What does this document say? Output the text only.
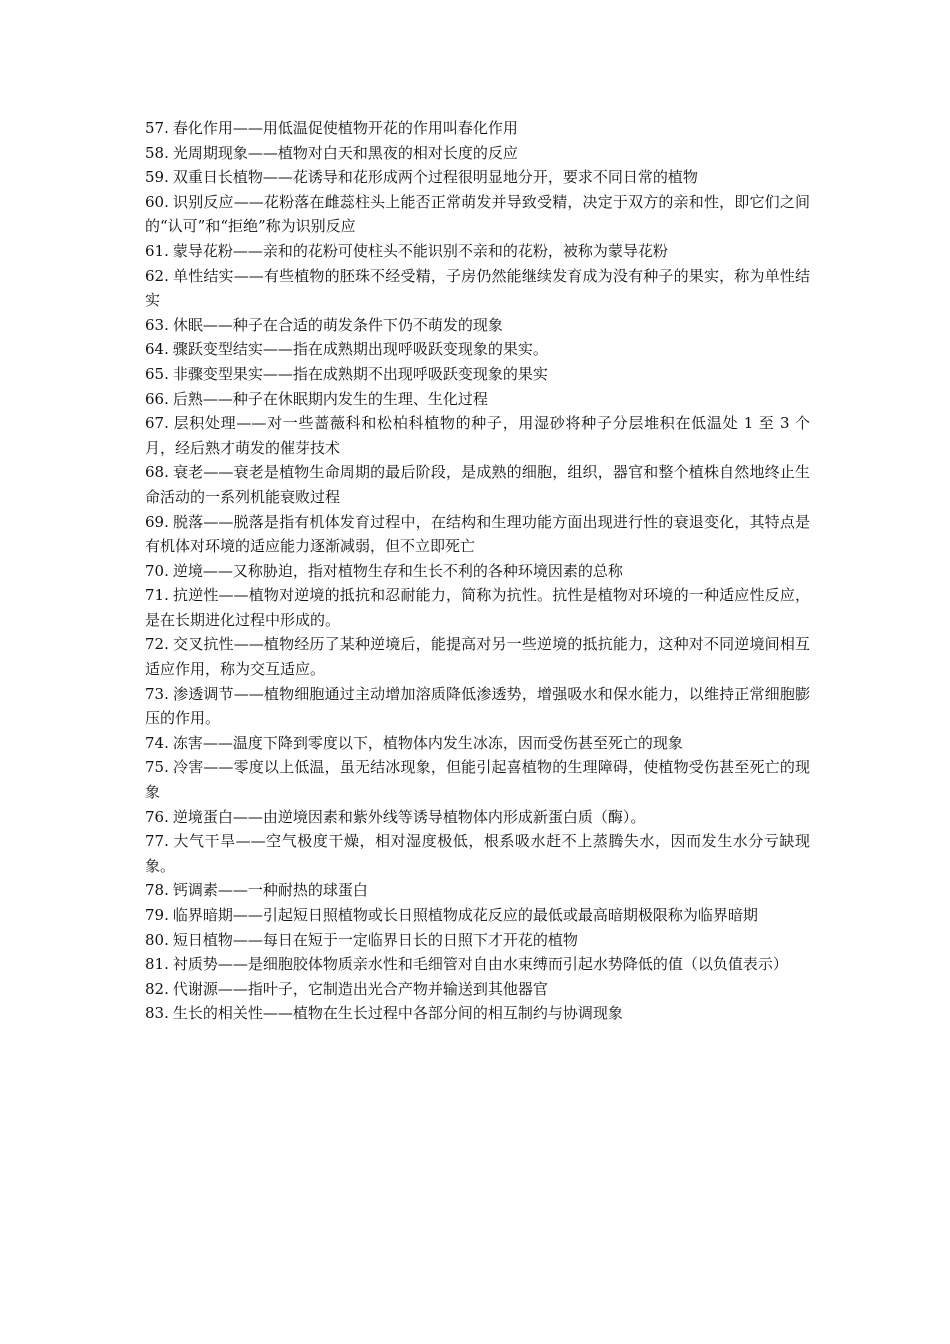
57. 春化作用——用低温促使植物开花的作用叫春化作用

58. 光周期现象——植物对白天和黑夜的相对长度的反应

59. 双重日长植物——花诱导和花形成两个过程很明显地分开，要求不同日常的植物

60. 识别反应——花粉落在雌蕊柱头上能否正常萌发并导致受精，决定于双方的亲和性，即它们之间的“认可”和“拒绝”称为识别反应

61. 蒙导花粉——亲和的花粉可使柱头不能识别不亲和的花粉，被称为蒙导花粉

62. 单性结实——有些植物的胚珠不经受精，子房仍然能继续发育成为没有种子的果实，称为单性结实

63. 休眠——种子在合适的萌发条件下仍不萌发的现象

64. 骤跃变型结实——指在成熟期出现呼吸跃变现象的果实。

65. 非骤变型果实——指在成熟期不出现呼吸跃变现象的果实

66. 后熟——种子在休眠期内发生的生理、生化过程

67. 层积处理——对一些蔷薇科和松柏科植物的种子，用湿砂将种子分层堆积在低温处 1 至 3 个月，经后熟才萌发的催芽技术

68. 衰老——衰老是植物生命周期的最后阶段，是成熟的细胞，组织，器官和整个植株自然地终止生命活动的一系列机能衰败过程

69. 脱落——脱落是指有机体发育过程中，在结构和生理功能方面出现进行性的衰退变化，其特点是有机体对环境的适应能力逐渐减弱，但不立即死亡

70. 逆境——又称胁迫，指对植物生存和生长不利的各种环境因素的总称

71. 抗逆性——植物对逆境的抵抗和忍耐能力，简称为抗性。抗性是植物对环境的一种适应性反应，是在长期进化过程中形成的。

72. 交叉抗性——植物经历了某种逆境后，能提高对另一些逆境的抵抗能力，这种对不同逆境间相互适应作用，称为交互适应。

73. 渗透调节——植物细胞通过主动增加溶质降低渗透势，增强吸水和保水能力，以维持正常细胞膨压的作用。

74. 冻害——温度下降到零度以下，植物体内发生冰冻，因而受伤甚至死亡的现象

75. 冷害——零度以上低温，虽无结冰现象，但能引起喜植物的生理障碍，使植物受伤甚至死亡的现象

76. 逆境蛋白——由逆境因素和紫外线等诱导植物体内形成新蛋白质（酶）。

77. 大气干旱——空气极度干燥，相对湿度极低，根系吸水赶不上蒸腾失水，因而发生水分亏缺现象。

78. 钙调素——一种耐热的球蛋白

79. 临界暗期——引起短日照植物或长日照植物成花反应的最低或最高暗期极限称为临界暗期

80. 短日植物——每日在短于一定临界日长的日照下才开花的植物

81. 衬质势——是细胞胶体物质亲水性和毛细管对自由水束缚而引起水势降低的值（以负值表示）

82. 代谢源——指叶子，它制造出光合产物并输送到其他器官

83. 生长的相关性——植物在生长过程中各部分间的相互制约与协调现象
